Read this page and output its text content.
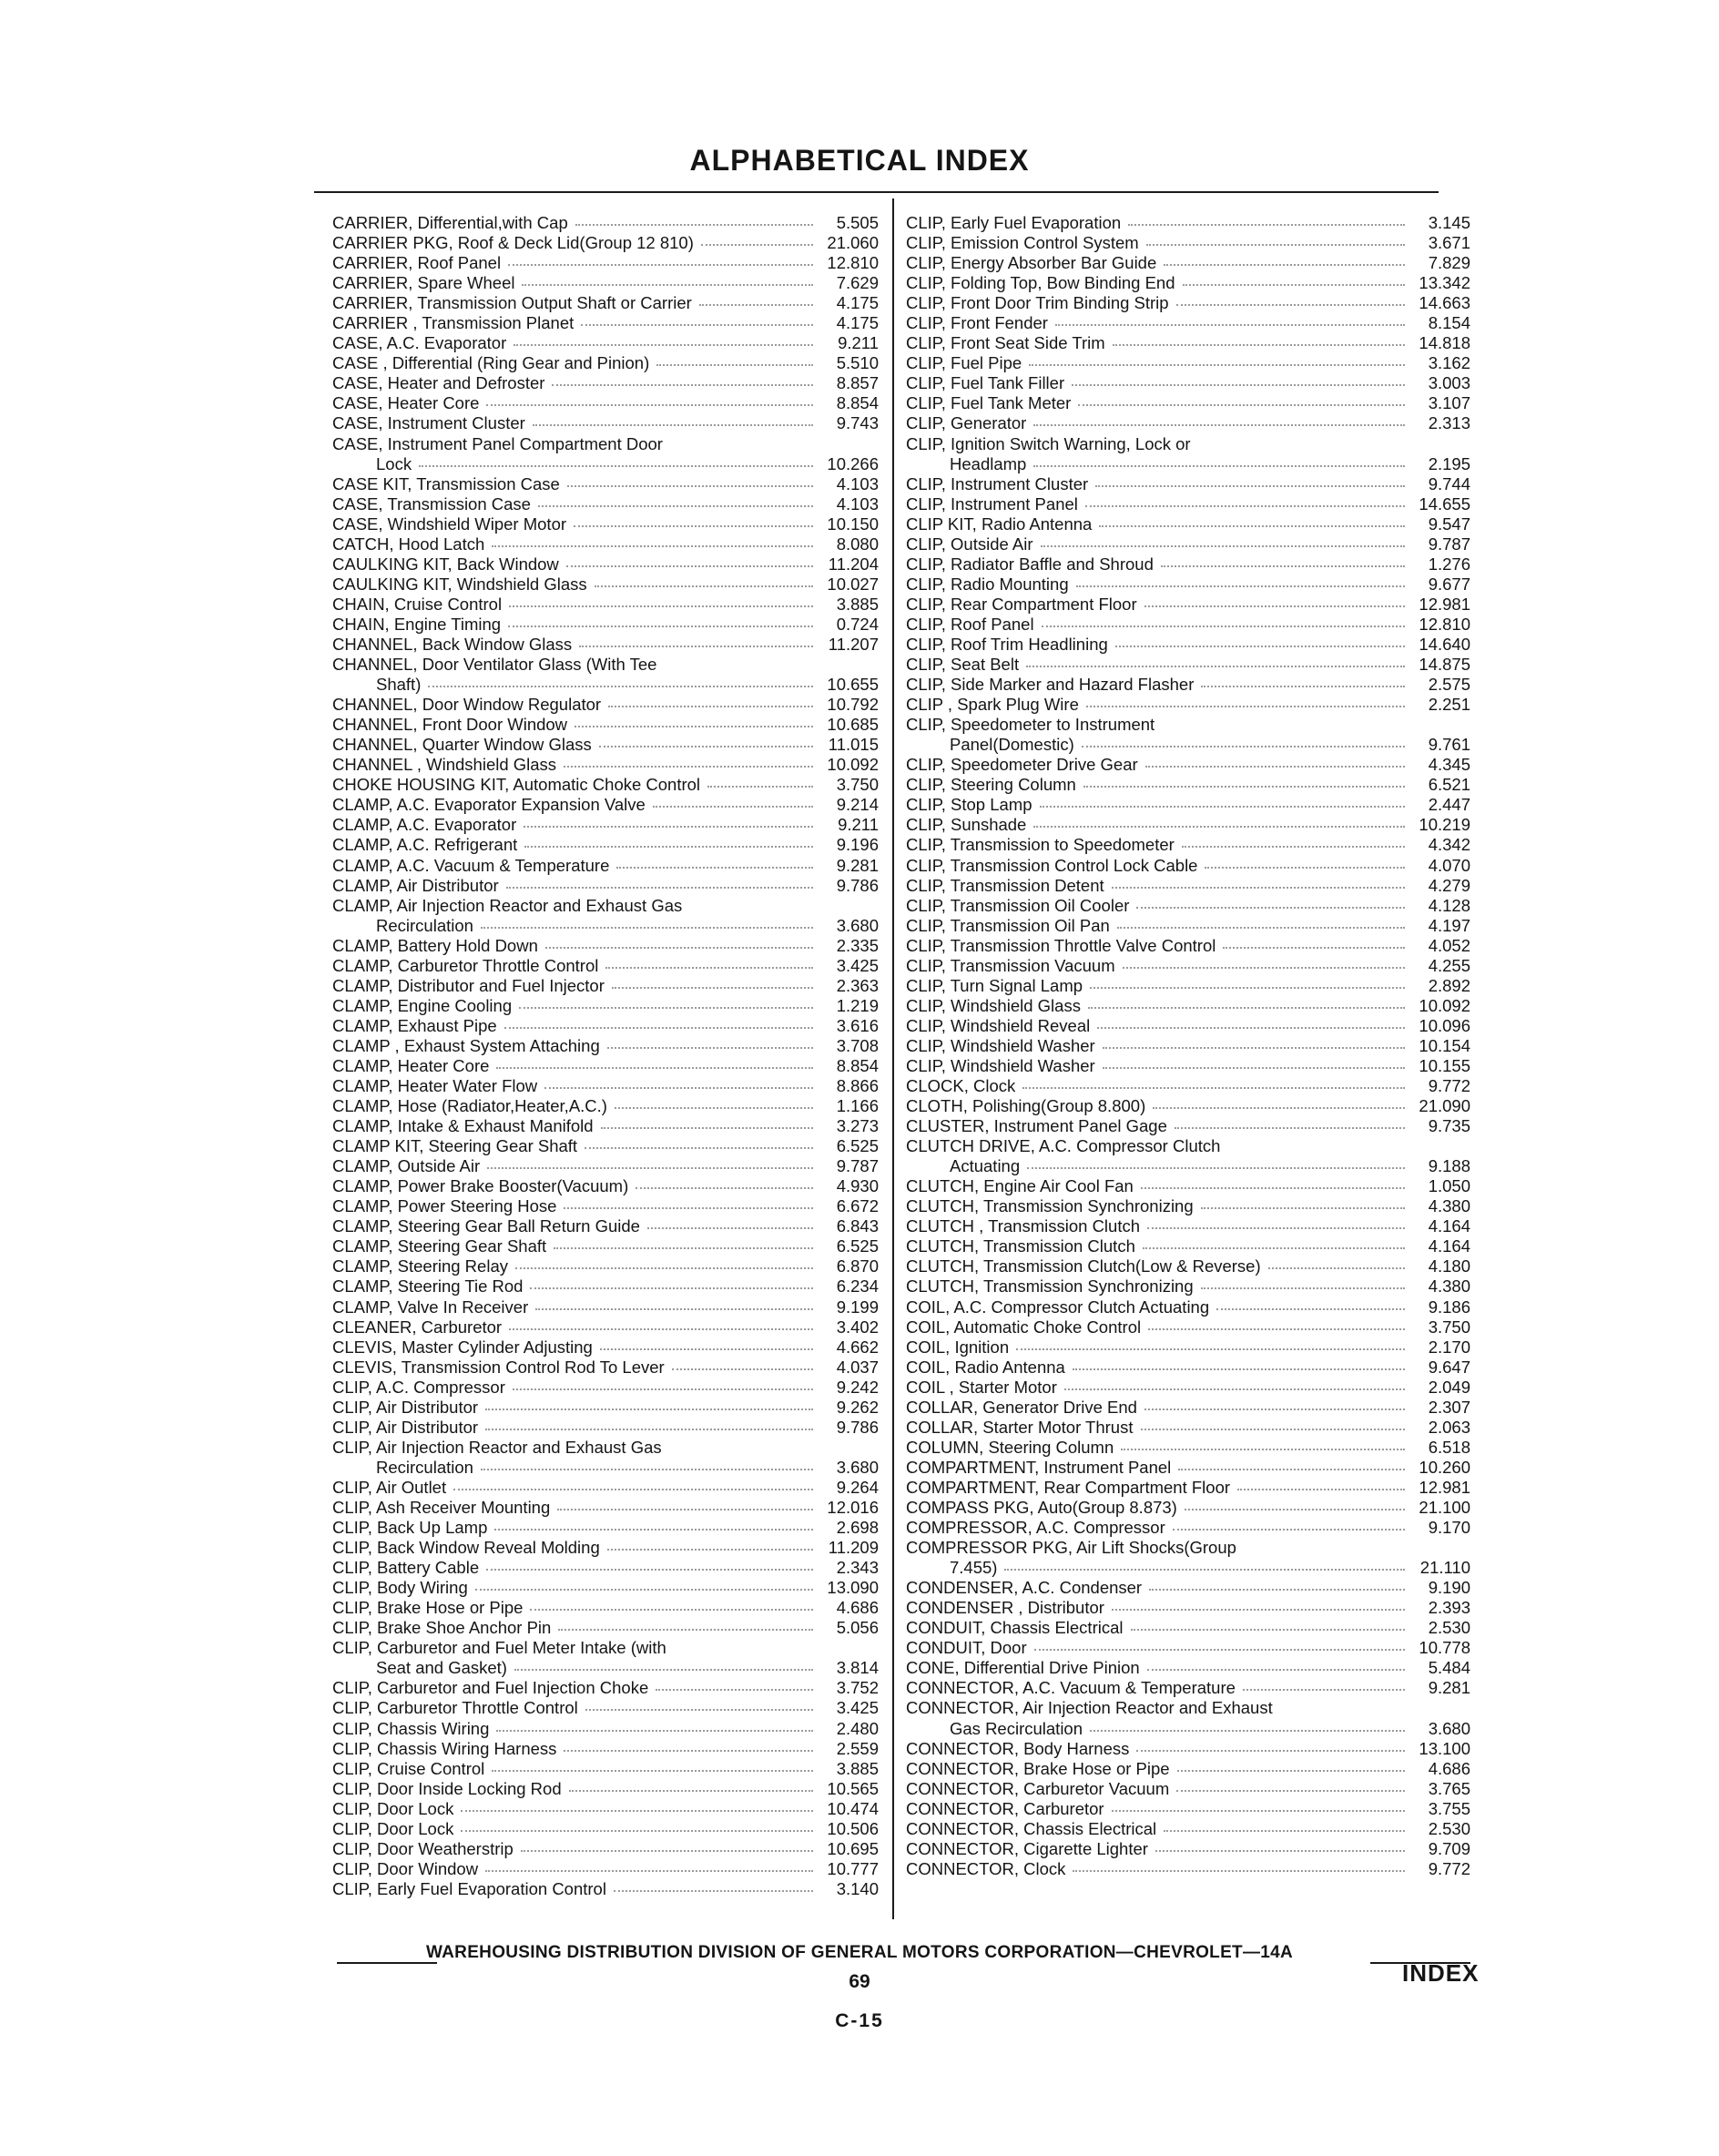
ALPHABETICAL INDEX
CARRIER, Differential,with Cap	5.505
CARRIER PKG, Roof & Deck Lid(Group 12 810)	21.060
CARRIER, Roof Panel	12.810
CARRIER, Spare Wheel	7.629
CARRIER, Transmission Output Shaft or Carrier	4.175
CARRIER , Transmission Planet	4.175
CASE, A.C. Evaporator	9.211
CASE , Differential (Ring Gear and Pinion)	5.510
CASE, Heater and Defroster	8.857
CASE, Heater Core	8.854
CASE, Instrument Cluster	9.743
CASE, Instrument Panel Compartment Door
Lock	10.266
CASE KIT, Transmission Case	4.103
CASE, Transmission Case	4.103
CASE, Windshield Wiper Motor	10.150
CATCH, Hood Latch	8.080
CAULKING KIT, Back Window	11.204
CAULKING KIT, Windshield Glass	10.027
CHAIN, Cruise Control	3.885
CHAIN, Engine Timing	0.724
CHANNEL, Back Window Glass	11.207
CHANNEL, Door Ventilator Glass (With Tee
Shaft)	10.655
CHANNEL, Door Window Regulator	10.792
CHANNEL, Front Door Window	10.685
CHANNEL, Quarter Window Glass	11.015
CHANNEL , Windshield Glass	10.092
CHOKE HOUSING KIT, Automatic Choke Control	3.750
CLAMP, A.C. Evaporator Expansion Valve	9.214
CLAMP, A.C. Evaporator	9.211
CLAMP, A.C. Refrigerant	9.196
CLAMP, A.C. Vacuum & Temperature	9.281
CLAMP, Air Distributor	9.786
CLAMP, Air Injection Reactor and Exhaust Gas
Recirculation	3.680
CLAMP, Battery Hold Down	2.335
CLAMP, Carburetor Throttle Control	3.425
CLAMP, Distributor and Fuel Injector	2.363
CLAMP, Engine Cooling	1.219
CLAMP, Exhaust Pipe	3.616
CLAMP , Exhaust System Attaching	3.708
CLAMP, Heater Core	8.854
CLAMP, Heater Water Flow	8.866
CLAMP, Hose (Radiator,Heater,A.C.)	1.166
CLAMP, Intake & Exhaust Manifold	3.273
CLAMP KIT, Steering Gear Shaft	6.525
CLAMP, Outside Air	9.787
CLAMP, Power Brake Booster(Vacuum)	4.930
CLAMP, Power Steering Hose	6.672
CLAMP, Steering Gear Ball Return Guide	6.843
CLAMP, Steering Gear Shaft	6.525
CLAMP, Steering Relay	6.870
CLAMP, Steering Tie Rod	6.234
CLAMP, Valve In Receiver	9.199
CLEANER, Carburetor	3.402
CLEVIS, Master Cylinder Adjusting	4.662
CLEVIS, Transmission Control Rod To Lever	4.037
CLIP, A.C. Compressor	9.242
CLIP, Air Distributor	9.262
CLIP, Air Distributor	9.786
CLIP, Air Injection Reactor and Exhaust Gas
Recirculation	3.680
CLIP, Air Outlet	9.264
CLIP, Ash Receiver Mounting	12.016
CLIP, Back Up Lamp	2.698
CLIP, Back Window Reveal Molding	11.209
CLIP, Battery Cable	2.343
CLIP, Body Wiring	13.090
CLIP, Brake Hose or Pipe	4.686
CLIP, Brake Shoe Anchor Pin	5.056
CLIP, Carburetor and Fuel Meter Intake (with
Seat and Gasket)	3.814
CLIP, Carburetor and Fuel Injection Choke	3.752
CLIP, Carburetor Throttle Control	3.425
CLIP, Chassis Wiring	2.480
CLIP, Chassis Wiring Harness	2.559
CLIP, Cruise Control	3.885
CLIP, Door Inside Locking Rod	10.565
CLIP, Door Lock	10.474
CLIP, Door Lock	10.506
CLIP, Door Weatherstrip	10.695
CLIP, Door Window	10.777
CLIP, Early Fuel Evaporation Control	3.140
CLIP, Early Fuel Evaporation	3.145
CLIP, Emission Control System	3.671
CLIP, Energy Absorber Bar Guide	7.829
CLIP, Folding Top, Bow Binding End	13.342
CLIP, Front Door Trim Binding Strip	14.663
CLIP, Front Fender	8.154
CLIP, Front Seat Side Trim	14.818
CLIP, Fuel Pipe	3.162
CLIP, Fuel Tank Filler	3.003
CLIP, Fuel Tank Meter	3.107
CLIP, Generator	2.313
CLIP, Ignition Switch Warning, Lock or
Headlamp	2.195
CLIP, Instrument Cluster	9.744
CLIP, Instrument Panel	14.655
CLIP KIT, Radio Antenna	9.547
CLIP, Outside Air	9.787
CLIP, Radiator Baffle and Shroud	1.276
CLIP, Radio Mounting	9.677
CLIP, Rear Compartment Floor	12.981
CLIP, Roof Panel	12.810
CLIP, Roof Trim Headlining	14.640
CLIP, Seat Belt	14.875
CLIP, Side Marker and Hazard Flasher	2.575
CLIP , Spark Plug Wire	2.251
CLIP, Speedometer to Instrument
Panel(Domestic)	9.761
CLIP, Speedometer Drive Gear	4.345
CLIP, Steering Column	6.521
CLIP, Stop Lamp	2.447
CLIP, Sunshade	10.219
CLIP, Transmission to Speedometer	4.342
CLIP, Transmission Control Lock Cable	4.070
CLIP, Transmission Detent	4.279
CLIP, Transmission Oil Cooler	4.128
CLIP, Transmission Oil Pan	4.197
CLIP, Transmission Throttle Valve Control	4.052
CLIP, Transmission Vacuum	4.255
CLIP, Turn Signal Lamp	2.892
CLIP, Windshield Glass	10.092
CLIP, Windshield Reveal	10.096
CLIP, Windshield Washer	10.154
CLIP, Windshield Washer	10.155
CLOCK, Clock	9.772
CLOTH, Polishing(Group 8.800)	21.090
CLUSTER, Instrument Panel Gage	9.735
CLUTCH DRIVE, A.C. Compressor Clutch
Actuating	9.188
CLUTCH, Engine Air Cool Fan	1.050
CLUTCH, Transmission Synchronizing	4.380
CLUTCH , Transmission Clutch	4.164
CLUTCH, Transmission Clutch	4.164
CLUTCH, Transmission Clutch(Low & Reverse)	4.180
CLUTCH, Transmission Synchronizing	4.380
COIL, A.C. Compressor Clutch Actuating	9.186
COIL, Automatic Choke Control	3.750
COIL, Ignition	2.170
COIL, Radio Antenna	9.647
COIL , Starter Motor	2.049
COLLAR, Generator Drive End	2.307
COLLAR, Starter Motor Thrust	2.063
COLUMN, Steering Column	6.518
COMPARTMENT, Instrument Panel	10.260
COMPARTMENT, Rear Compartment Floor	12.981
COMPASS PKG, Auto(Group 8.873)	21.100
COMPRESSOR, A.C. Compressor	9.170
COMPRESSOR PKG, Air Lift Shocks(Group
7.455)	21.110
CONDENSER, A.C. Condenser	9.190
CONDENSER , Distributor	2.393
CONDUIT, Chassis Electrical	2.530
CONDUIT, Door	10.778
CONE, Differential Drive Pinion	5.484
CONNECTOR, A.C. Vacuum & Temperature	9.281
CONNECTOR, Air Injection Reactor and Exhaust
Gas Recirculation	3.680
CONNECTOR, Body Harness	13.100
CONNECTOR, Brake Hose or Pipe	4.686
CONNECTOR, Carburetor Vacuum	3.765
CONNECTOR, Carburetor	3.755
CONNECTOR, Chassis Electrical	2.530
CONNECTOR, Cigarette Lighter	9.709
CONNECTOR, Clock	9.772
WAREHOUSING DISTRIBUTION DIVISION OF GENERAL MOTORS CORPORATION—CHEVROLET—14A
INDEX
69
C-15
